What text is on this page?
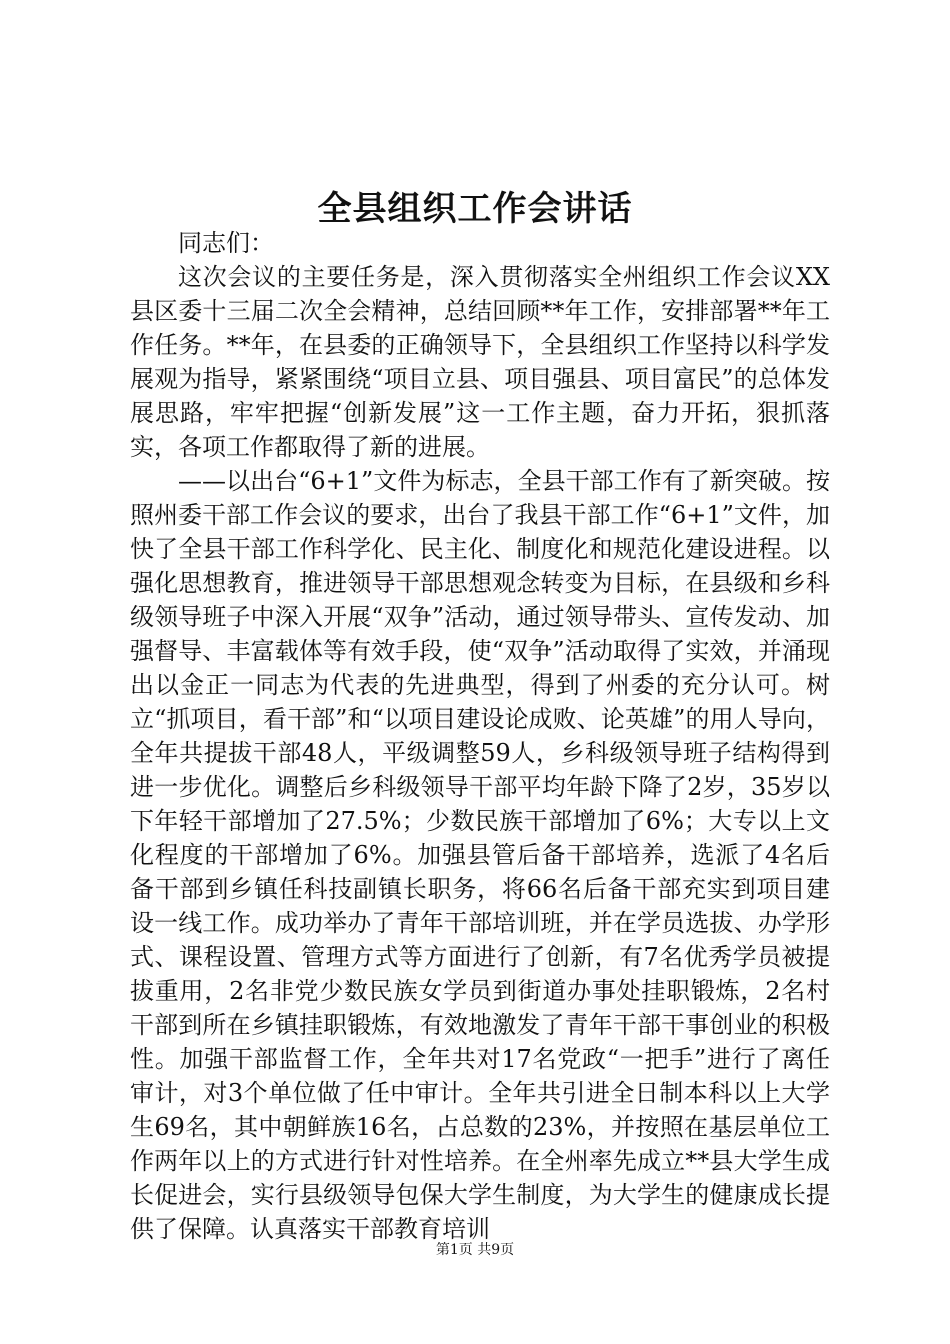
全县组织工作会讲话

同志们：

这次会议的主要任务是，深入贯彻落实全州组织工作会议XX县区委十三届二次全会精神，总结回顾**年工作，安排部署**年工作任务。**年，在县委的正确领导下，全县组织工作坚持以科学发展观为指导，紧紧围绕“项目立县、项目强县、项目富民”的总体发展思路，牢牢把握“创新发展”这一工作主题，奋力开拓，狠抓落实，各项工作都取得了新的进展。

——以出台“6+1”文件为标志，全县干部工作有了新突破。按照州委干部工作会议的要求，出台了我县干部工作“6+1”文件，加快了全县干部工作科学化、民主化、制度化和规范化建设进程。以强化思想教育，推进领导干部思想观念转变为目标，在县级和乡科级领导班子中深入开展“双争”活动，通过领导带头、宣传发动、加强督导、丰富载体等有效手段，使“双争”活动取得了实效，并涌现出以金正一同志为代表的先进典型，得到了州委的充分认可。树立“抓项目，看干部”和“以项目建设论成败、论英雄”的用人导向，全年共提拔干部48人，平级调整59人，乡科级领导班子结构得到进一步优化。调整后乡科级领导干部平均年龄下降了2岁，35岁以下年轻干部增加了27.5%；少数民族干部增加了6%；大专以上文化程度的干部增加了6%。加强县管后备干部培养，选派了4名后备干部到乡镇任科技副镇长职务，将66名后备干部充实到项目建设一线工作。成功举办了青年干部培训班，并在学员选拔、办学形式、课程设置、管理方式等方面进行了创新，有7名优秀学员被提拔重用，2名非党少数民族女学员到街道办事处挂职锻炼，2名村干部到所在乡镇挂职锻炼，有效地激发了青年干部干事创业的积极性。加强干部监督工作，全年共对17名党政“一把手”进行了离任审计，对3个单位做了任中审计。全年共引进全日制本科以上大学生69名，其中朝鲜族16名，占总数的23%，并按照在基层单位工作两年以上的方式进行针对性培养。在全州率先成立**县大学生成长促进会，实行县级领导包保大学生制度，为大学生的健康成长提供了保障。认真落实干部教育培训

第1页 共9页
